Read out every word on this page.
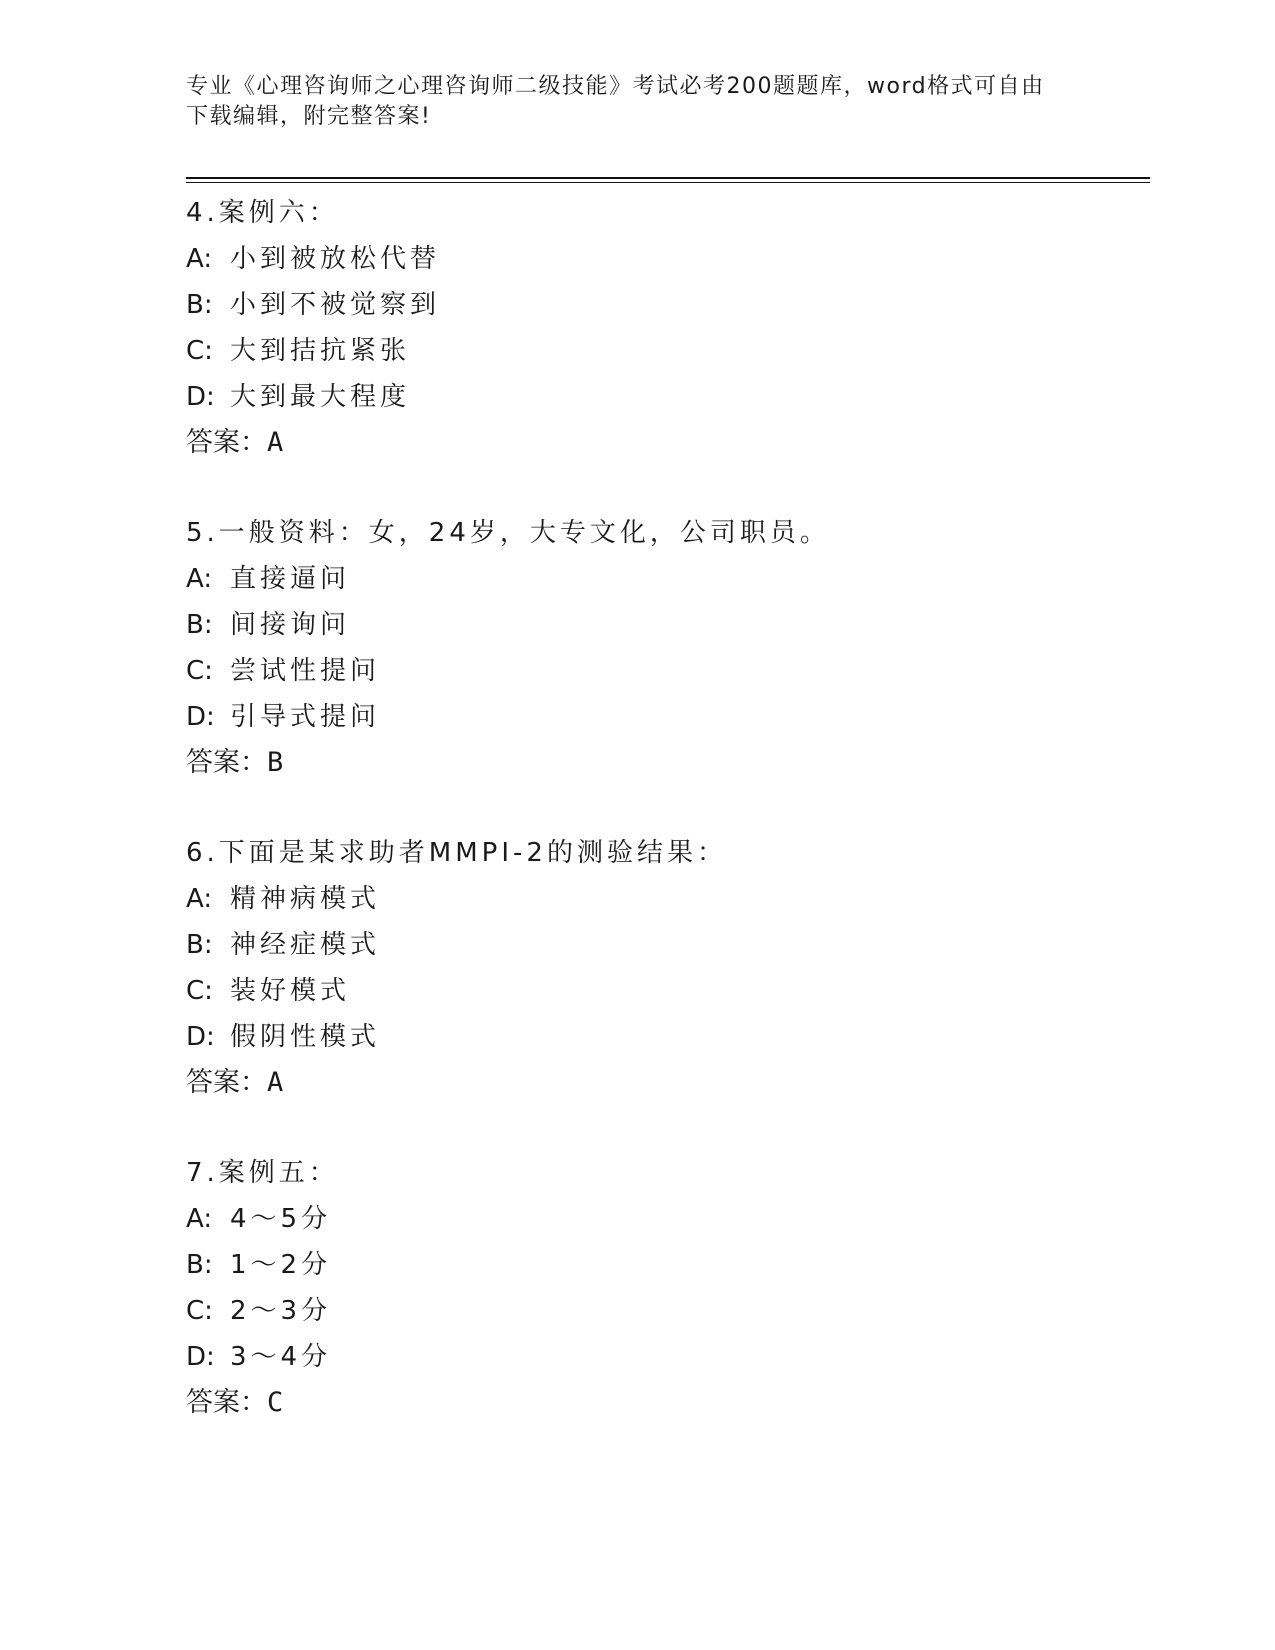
专业《心理咨询师之心理咨询师二级技能》考试必考200题题库，word格式可自由下载编辑，附完整答案!
4.案例六：
A: 小到被放松代替
B: 小到不被觉察到
C: 大到拮抗紧张
D: 大到最大程度
答案：A
5.一般资料：女，24岁，大专文化，公司职员。
A: 直接逼问
B: 间接询问
C: 尝试性提问
D: 引导式提问
答案：B
6.下面是某求助者MMPI-2的测验结果：
A: 精神病模式
B: 神经症模式
C: 装好模式
D: 假阴性模式
答案：A
7.案例五：
A: 4～5分
B: 1～2分
C: 2～3分
D: 3～4分
答案：C
